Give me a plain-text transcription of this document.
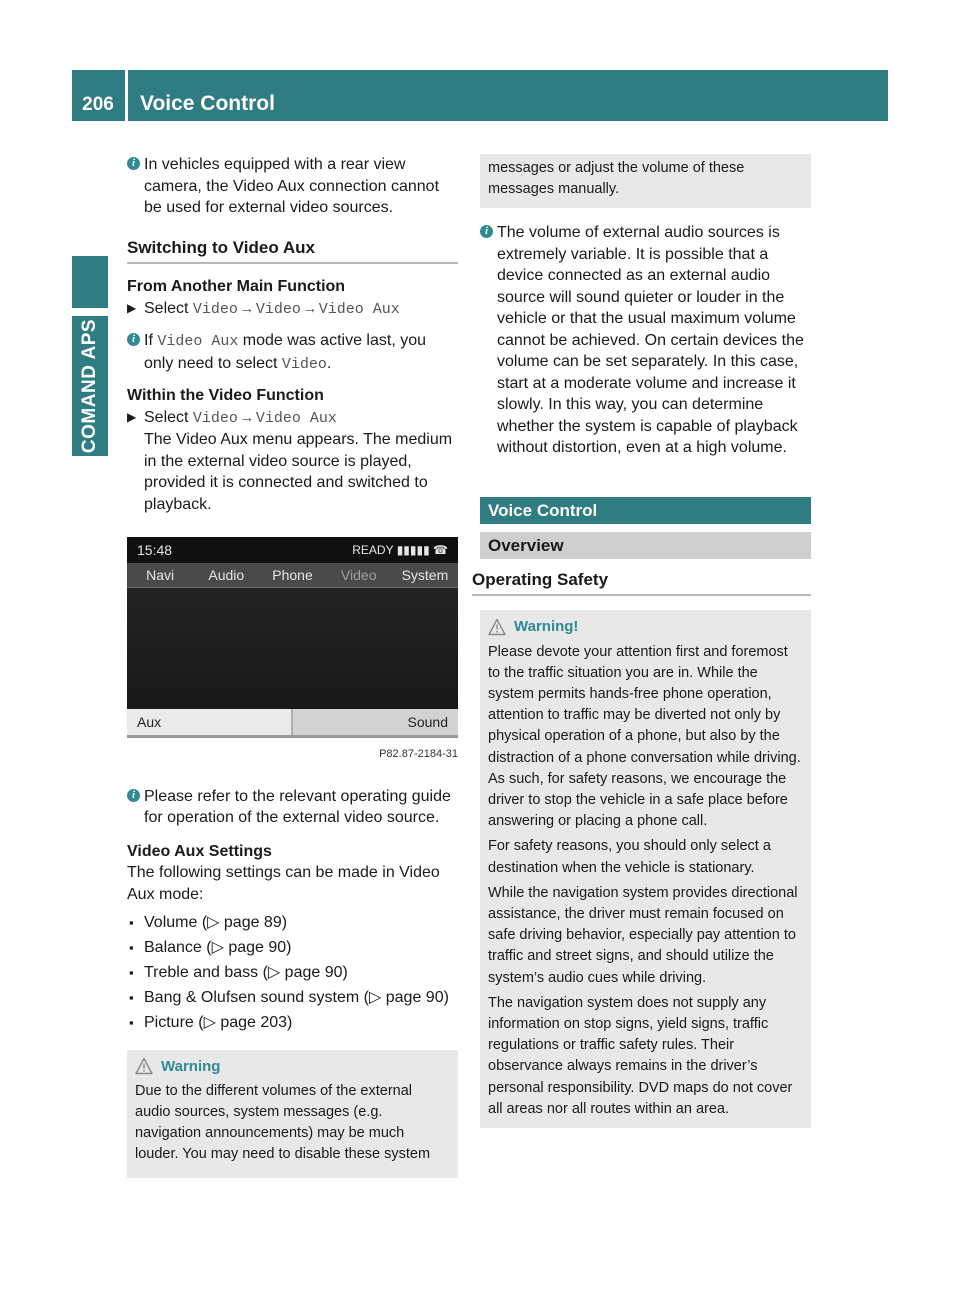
206	Voice Control
COMAND APS
i In vehicles equipped with a rear view camera, the Video Aux connection cannot be used for external video sources.
Switching to Video Aux
From Another Main Function
▶ Select Video → Video → Video Aux
i If Video Aux mode was active last, you only need to select Video.
Within the Video Function
▶ Select Video → Video Aux
The Video Aux menu appears. The medium in the external video source is played, provided it is connected and switched to playback.
15:48	READY ▮▮▮▮▮ ☎
Navi	Audio	Phone	Video	System
Aux	Sound
P82.87-2184-31
i Please refer to the relevant operating guide for operation of the external video source.
Video Aux Settings
The following settings can be made in Video Aux mode:
▪ Volume (▷ page 89)
▪ Balance (▷ page 90)
▪ Treble and bass (▷ page 90)
▪ Bang & Olufsen sound system (▷ page 90)
▪ Picture (▷ page 203)
Warning
Due to the different volumes of the external audio sources, system messages (e.g. navigation announcements) may be much louder. You may need to disable these system
messages or adjust the volume of these messages manually.
i The volume of external audio sources is extremely variable. It is possible that a device connected as an external audio source will sound quieter or louder in the vehicle or that the usual maximum volume cannot be achieved. On certain devices the volume can be set separately. In this case, start at a moderate volume and increase it slowly. In this way, you can determine whether the system is capable of playback without distortion, even at a high volume.
Voice Control
Overview
Operating Safety
Warning!
Please devote your attention first and foremost to the traffic situation you are in. While the system permits hands-free phone operation, attention to traffic may be diverted not only by physical operation of a phone, but also by the distraction of a phone conversation while driving. As such, for safety reasons, we encourage the driver to stop the vehicle in a safe place before answering or placing a phone call.
For safety reasons, you should only select a destination when the vehicle is stationary.
While the navigation system provides directional assistance, the driver must remain focused on safe driving behavior, especially pay attention to traffic and street signs, and should utilize the system’s audio cues while driving.
The navigation system does not supply any information on stop signs, yield signs, traffic regulations or traffic safety rules. Their observance always remains in the driver’s personal responsibility. DVD maps do not cover all areas nor all routes within an area.
